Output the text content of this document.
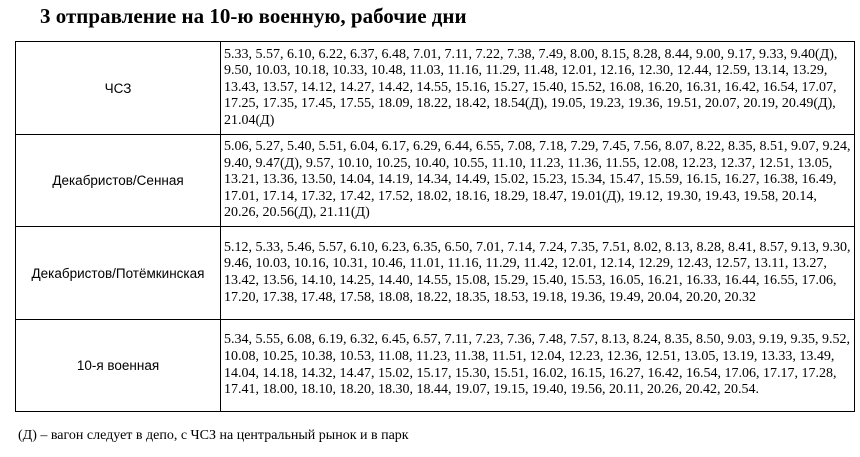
3 отправление на 10-ю военную, рабочие дни
ЧСЗ	5.33, 5.57, 6.10, 6.22, 6.37, 6.48, 7.01, 7.11, 7.22, 7.38, 7.49, 8.00, 8.15, 8.28, 8.44, 9.00, 9.17, 9.33, 9.40(Д), 9.50, 10.03, 10.18, 10.33, 10.48, 11.03, 11.16, 11.29, 11.48, 12.01, 12.16, 12.30, 12.44, 12.59, 13.14, 13.29, 13.43, 13.57, 14.12, 14.27, 14.42, 14.55, 15.16, 15.27, 15.40, 15.52, 16.08, 16.20, 16.31, 16.42, 16.54, 17.07, 17.25, 17.35, 17.45, 17.55, 18.09, 18.22, 18.42, 18.54(Д), 19.05, 19.23, 19.36, 19.51, 20.07, 20.19, 20.49(Д), 21.04(Д)
Декабристов/Сенная	5.06, 5.27, 5.40, 5.51, 6.04, 6.17, 6.29, 6.44, 6.55, 7.08, 7.18, 7.29, 7.45, 7.56, 8.07, 8.22, 8.35, 8.51, 9.07, 9.24, 9.40, 9.47(Д), 9.57, 10.10, 10.25, 10.40, 10.55, 11.10, 11.23, 11.36, 11.55, 12.08, 12.23, 12.37, 12.51, 13.05, 13.21, 13.36, 13.50, 14.04, 14.19, 14.34, 14.49, 15.02, 15.23, 15.34, 15.47, 15.59, 16.15, 16.27, 16.38, 16.49, 17.01, 17.14, 17.32, 17.42, 17.52, 18.02, 18.16, 18.29, 18.47, 19.01(Д), 19.12, 19.30, 19.43, 19.58, 20.14, 20.26, 20.56(Д), 21.11(Д)
Декабристов/Потёмкинская	5.12, 5.33, 5.46, 5.57, 6.10, 6.23, 6.35, 6.50, 7.01, 7.14, 7.24, 7.35, 7.51, 8.02, 8.13, 8.28, 8.41, 8.57, 9.13, 9.30, 9.46, 10.03, 10.16, 10.31, 10.46, 11.01, 11.16, 11.29, 11.42, 12.01, 12.14, 12.29, 12.43, 12.57, 13.11, 13.27, 13.42, 13.56, 14.10, 14.25, 14.40, 14.55, 15.08, 15.29, 15.40, 15.53, 16.05, 16.21, 16.33, 16.44, 16.55, 17.06, 17.20, 17.38, 17.48, 17.58, 18.08, 18.22, 18.35, 18.53, 19.18, 19.36, 19.49, 20.04, 20.20, 20.32
10-я военная	5.34, 5.55, 6.08, 6.19, 6.32, 6.45, 6.57, 7.11, 7.23, 7.36, 7.48, 7.57, 8.13, 8.24, 8.35, 8.50, 9.03, 9.19, 9.35, 9.52, 10.08, 10.25, 10.38, 10.53, 11.08, 11.23, 11.38, 11.51, 12.04, 12.23, 12.36, 12.51, 13.05, 13.19, 13.33, 13.49, 14.04, 14.18, 14.32, 14.47, 15.02, 15.17, 15.30, 15.51, 16.02, 16.15, 16.27, 16.42, 16.54, 17.06, 17.17, 17.28, 17.41, 18.00, 18.10, 18.20, 18.30, 18.44, 19.07, 19.15, 19.40, 19.56, 20.11, 20.26, 20.42, 20.54.
(Д) – вагон следует в депо, с ЧСЗ на центральный рынок и в парк
